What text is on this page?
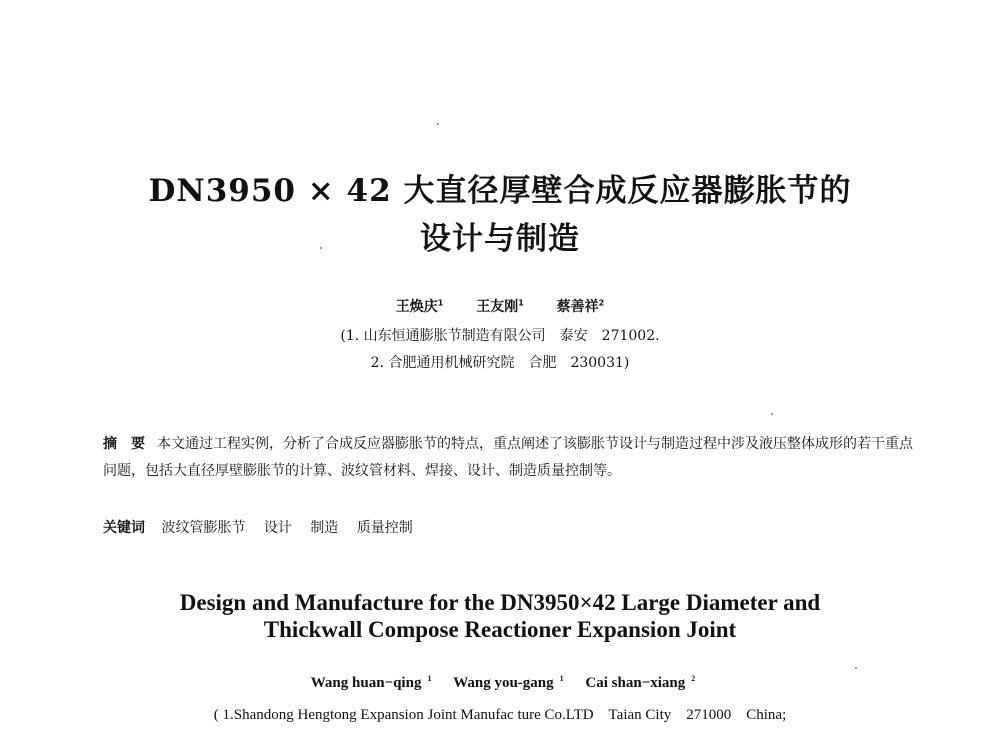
DN3950 × 42 大直径厚壁合成反应器膨胀节的
设计与制造
王焕庆$^1$ 王友刚$^1$ 蔡善祥$^2$
(1. 山东恒通膨胀节制造有限公司　泰安　271002.
2. 合肥通用机械研究院　合肥　230031)
摘　要 本文通过工程实例，分析了合成反应器膨胀节的特点，重点阐述了该膨胀节设计与制造过程中涉及液压整体成形的若干重点问题，包括大直径厚壁膨胀节的计算、波纹管材料、焊接、设计、制造质量控制等。
关键词 波纹管膨胀节 设计 制造 质量控制
Design and Manufacture for the DN3950×42 Large Diameter and
Thickwall Compose Reactioner Expansion Joint
Wang huan−qing $^1$ Wang you-gang $^1$ Cai shan−xiang $^2$
( 1.Shandong Hengtong Expansion Joint Manufac ture Co.LTD　Taian City　271000　China;
